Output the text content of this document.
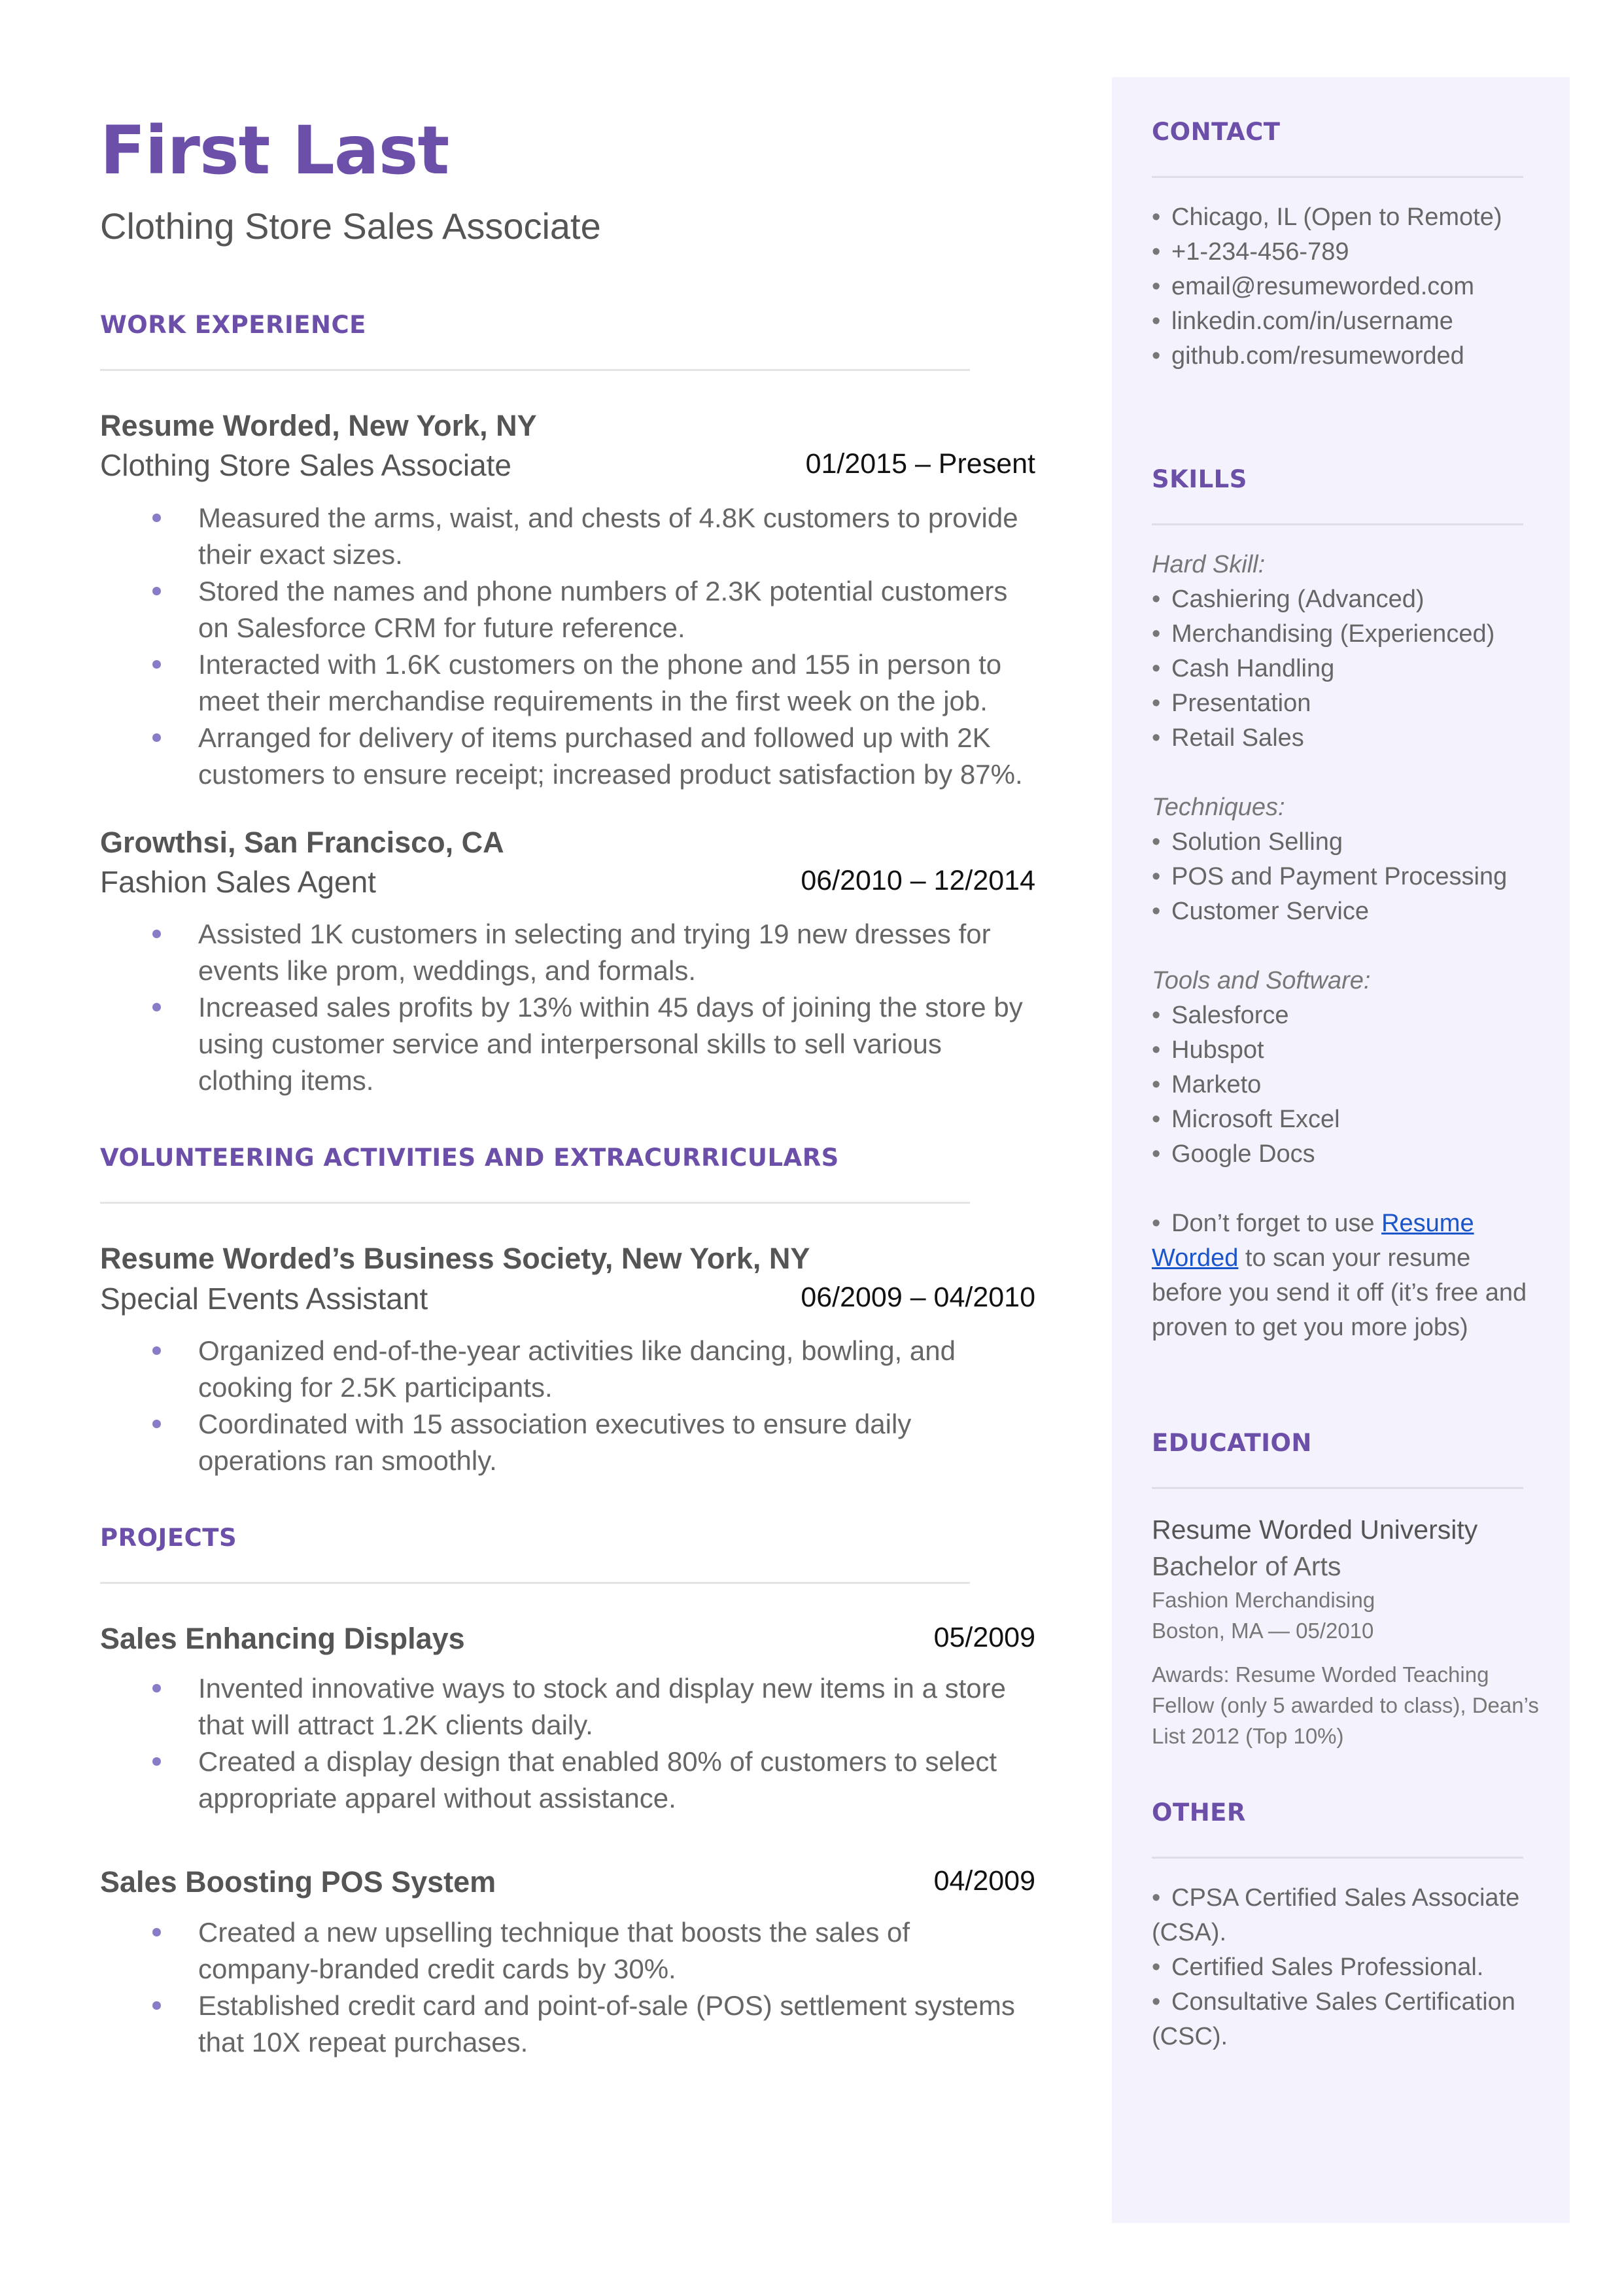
First Last
Clothing Store Sales Associate
WORK EXPERIENCE
Resume Worded, New York, NY
Clothing Store Sales Associate	01/2015 – Present
Measured the arms, waist, and chests of 4.8K customers to provide their exact sizes.
Stored the names and phone numbers of 2.3K potential customers on Salesforce CRM for future reference.
Interacted with 1.6K customers on the phone and 155 in person to meet their merchandise requirements in the first week on the job.
Arranged for delivery of items purchased and followed up with 2K customers to ensure receipt; increased product satisfaction by 87%.
Growthsi, San Francisco, CA
Fashion Sales Agent	06/2010 – 12/2014
Assisted 1K customers in selecting and trying 19 new dresses for events like prom, weddings, and formals.
Increased sales profits by 13% within 45 days of joining the store by using customer service and interpersonal skills to sell various clothing items.
VOLUNTEERING ACTIVITIES AND EXTRACURRICULARS
Resume Worded’s Business Society, New York, NY
Special Events Assistant	06/2009 – 04/2010
Organized end-of-the-year activities like dancing, bowling, and cooking for 2.5K participants.
Coordinated with 15 association executives to ensure daily operations ran smoothly.
PROJECTS
Sales Enhancing Displays	05/2009
Invented innovative ways to stock and display new items in a store that will attract 1.2K clients daily.
Created a display design that enabled 80% of customers to select appropriate apparel without assistance.
Sales Boosting POS System	04/2009
Created a new upselling technique that boosts the sales of company-branded credit cards by 30%.
Established credit card and point-of-sale (POS) settlement systems that 10X repeat purchases.
CONTACT
• Chicago, IL (Open to Remote)
• +1-234-456-789
• email@resumeworded.com
• linkedin.com/in/username
• github.com/resumeworded
SKILLS
Hard Skill:
• Cashiering (Advanced)
• Merchandising (Experienced)
• Cash Handling
• Presentation
• Retail Sales
Techniques:
• Solution Selling
• POS and Payment Processing
• Customer Service
Tools and Software:
• Salesforce
• Hubspot
• Marketo
• Microsoft Excel
• Google Docs
• Don’t forget to use Resume Worded to scan your resume before you send it off (it’s free and proven to get you more jobs)
EDUCATION
Resume Worded University
Bachelor of Arts
Fashion Merchandising
Boston, MA — 05/2010
Awards: Resume Worded Teaching Fellow (only 5 awarded to class), Dean’s List 2012 (Top 10%)
OTHER
• CPSA Certified Sales Associate (CSA).
• Certified Sales Professional.
• Consultative Sales Certification (CSC).
